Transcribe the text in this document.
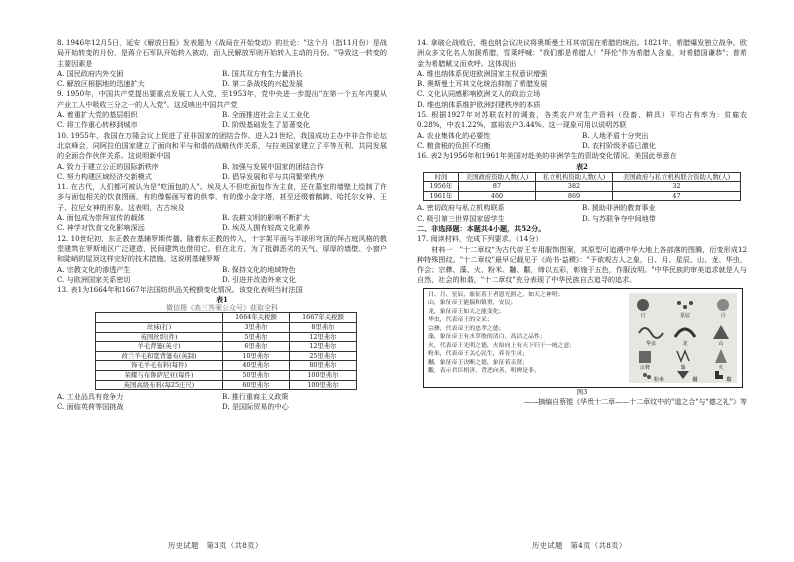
8. 1946年12月5日，延安《解放日报》发表题为《战局在开始变动》的社论："这个月（指11月份）是战局开始转变的月份，是蒋介石军队开始转入被动，而人民解放军则开始转入主动的月份。"导致这一转变的主要因素是
A. 国民政府内外交困	B. 国共双方有生力量消长
C. 解放区根据地的迅速扩大	D. 第二条战线的兴起发展
9. 1950年，中国共产党提出要重点发展工人入党，至1953年，党中央进一步提出"在第一个五年内要从产业工人中吸收三分之一的人入党"。这反映出中国共产党
A. 着重扩大党的基层组织	B. 全面推进社会主义工业化
C. 将工作重心转移到城市	D. 阶级基础发生了显著变化
10. 1955年，我国在万隆会议上促进了亚非国家的团结合作。进入21世纪，我国成功主办中非合作论坛北京峰会，同阿拉伯国家建立了面向和平与和谐的战略伙伴关系，与拉美国家建立了平等互利、共同发展的全面合作伙伴关系。这说明新中国
A. 致力于建立公正的国际新秩序	B. 加强与发展中国家的团结合作
C. 努力构建区域经济交新模式	D. 倡导发展和平与共同繁荣秩序
11. 在古代，人们都可被认为是"吃面包的人"。埃及人不但吃面包作为主食，还在墓室的墙壁上绘制了许多与面包相关的饮食图画，有的像髻画写着的供奉，有的像小金字塔，甚至还缀着鹅蹄、哈托尔女神、王子、拉尼女神的形象。这表明，古古埃及
A. 面包成为崇拜宣传的载体	B. 农耕文明的影响不断扩大
C. 神学对饮食文化影响深远	D. 埃及人拥有较高文化素养
12. 10世纪初，东正教在基辅罗斯传播。随着东正教的传入，十字架平面与半球形穹顶的拜占庭风格的教堂建筑在罗斯地区广泛建造，民间建筑也借用它。但在北方，为了抵御恶劣的天气、厚厚的墙壁、小窗户和陡峭的屋顶这样完好的技术措施。这说明基辅罗斯
A. 宗教文化的渗透产生	B. 保持文化的地域特色
C. 与欧洲国家关系密切	D. 引进并改造外来文化
13. 表1为1664年和1667年法国纺织品关税额变化情况。该变化表明当时法国
表1
微信搜《高三答案公众号》获取全科
	1664年关税额	1667年关税额
丝袜(打)	3里弗尔	8里弗尔
英国丝织(件)	5里弗尔	12里弗尔
羊毛背篓(英寸)	6里弗尔	12里弗尔
荷兰羊毛和宽背篓布(英制)	10里弗尔	25里弗尔
饰毛羊毛布料(每件)	40里弗尔	80里弗尔
荣耀与布鲁萨尼亚(每件)	50里弗尔	100里弗尔
英国高级布料(每25庄尺)	60里弗尔	100里弗尔
A. 工业品具有竞争力	B. 推行重商主义政策
C. 面临英荷等国挑战	D. 是国际贸易的中心
14. 拿破仑战败后，维也纳会议决议将奥斯曼土耳其帝国在希腊的统治。1821年，希腊爆发独立战争。欧洲众多文化名人加援希腊，雪莱呼喊："我们都是希腊人！"拜伦"作为希腊人含羞，对希腊国谦恭"；普希金为希腊赋又而欢呼。这体现出
A. 维也纳体系促进欧洲国家主权意识增强
B. 奥斯曼土耳其文化统治抑制了希腊发展
C. 文化认同感影响欧洲文人的政治立场
D. 维也纳体系维护欧洲封建秩序的本质
15. 根据1927年对苏联农村的调查，各类农户对生产资料（役畜、耕具）平均占有率为：贫雇农0.28%，中农1.22%，富裕农户3.44%。这一现象可用以说明苏联
A. 农业集体化的必要性	B. 人地矛盾十分突出
C. 粮食税的负担不均衡	D. 农村阶级矛盾已激化
16. 表2为1956年和1961年美国对赴美的非洲学生的资助变化情况。美国此举意在
表2
时间	美国政府资助人数(人)	私立机构资助人数(人)	美国政府与私立机构联合资助人数(人)
1956年	87	382	32
1961年	460	869	47
A. 密切政府与私立机构联系	B. 援助非洲的教育事业
C. 吸引第三世界国家留学生	D. 与苏联争夺中间地带
二、非选择题：本题共4小题，共52分。
17. 阅读材料，完成下列要求。（14分）
材料一　"十二章纹"为古代帝王专用服饰图案，其原型可追溯中华大地上各部落的图腾，衍变形成12种特殊图纹。"十二章纹"最早记载见于《尚书·益稷》："予欲观古人之象，日、月、星辰、山、龙、华虫，作会；宗彝、藻、火、粉米、黼、黻，缔以五彩，彰施于五色，作服汝明。"中华民族的审美追求就是人与自然、社会的和谐，"十二章纹"充分表现了中华民族自古追寻的追求。
日、月、星辰，象征着王者恩光照之，如天之神明；
山，象征帝王能揣和镇重，安民；
龙，象征帝王如天之能变化；
华虫，代表帝王的文采；
宗彝，代表帝王的忠孝之德；
藻，象征帝王有水草般的清白、高洁之品性；
火，代表帝王光明之德，火焰向上有天下归于一统之意；
粉米，代表帝王关心民生，养育生灵；
黼，象征帝王决断之德，象征着亲贤；
黻，表示君臣相济，背恶向善，明辨是非。
日	星辰	月
华虫	龙	山
宗彝	藻	火
粉米	黼	黻
图3
——摘编自蔡锟《华贵十二章——十二章纹中的"道之合"与"德之礼"》等
历史试题　第3页（共8页）	历史试题　第4页（共8页）
